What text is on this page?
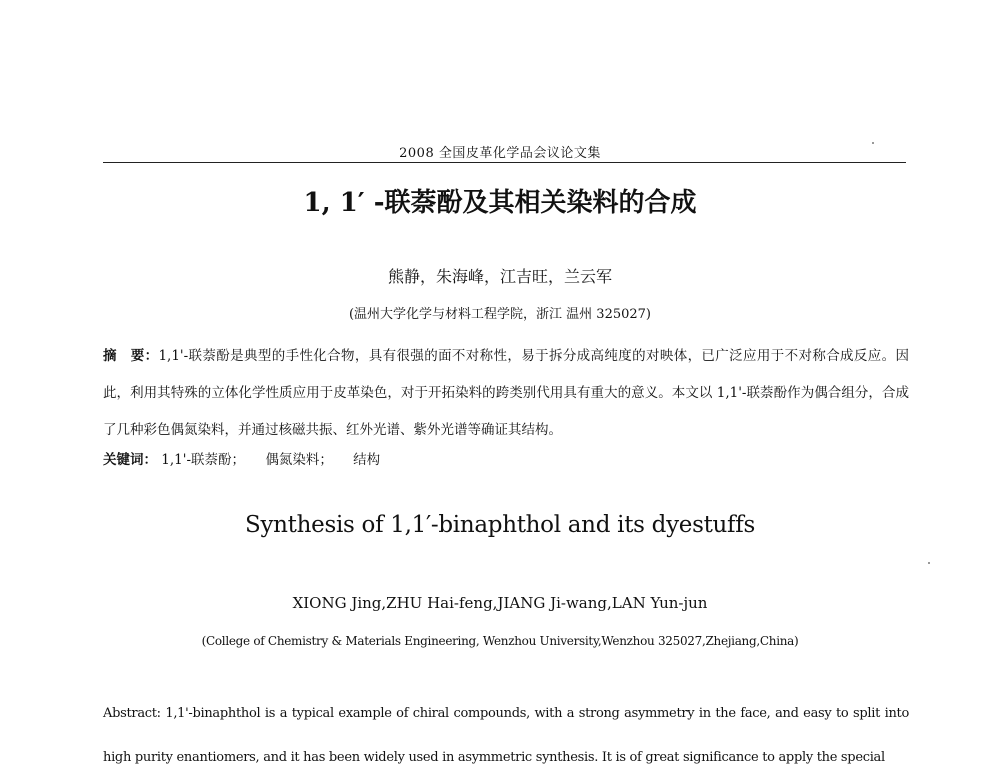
2008 全国皮革化学品会议论文集
1, 1′ -联萘酚及其相关染料的合成
熊静，朱海峰，江吉旺，兰云军
(温州大学化学与材料工程学院，浙江 温州 325027)
摘　要：1,1'-联萘酚是典型的手性化合物，具有很强的面不对称性，易于拆分成高纯度的对映体，已广泛应用于不对称合成反应。因此，利用其特殊的立体化学性质应用于皮革染色，对于开拓染料的跨类别代用具有重大的意义。本文以 1,1'-联萘酚作为偶合组分，合成了几种彩色偶氮染料，并通过核磁共振、红外光谱、紫外光谱等确证其结构。
关键词： 1,1'-联萘酚； 偶氮染料； 结构
Synthesis of 1,1′-binaphthol and its dyestuffs
XIONG Jing,ZHU Hai-feng,JIANG Ji-wang,LAN Yun-jun
(College of Chemistry & Materials Engineering, Wenzhou University,Wenzhou 325027,Zhejiang,China)
Abstract: 1,1'-binaphthol is a typical example of chiral compounds, with a strong asymmetry in the face, and easy to split into high purity enantiomers, and it has been widely used in asymmetric synthesis. It is of great significance to apply the special
